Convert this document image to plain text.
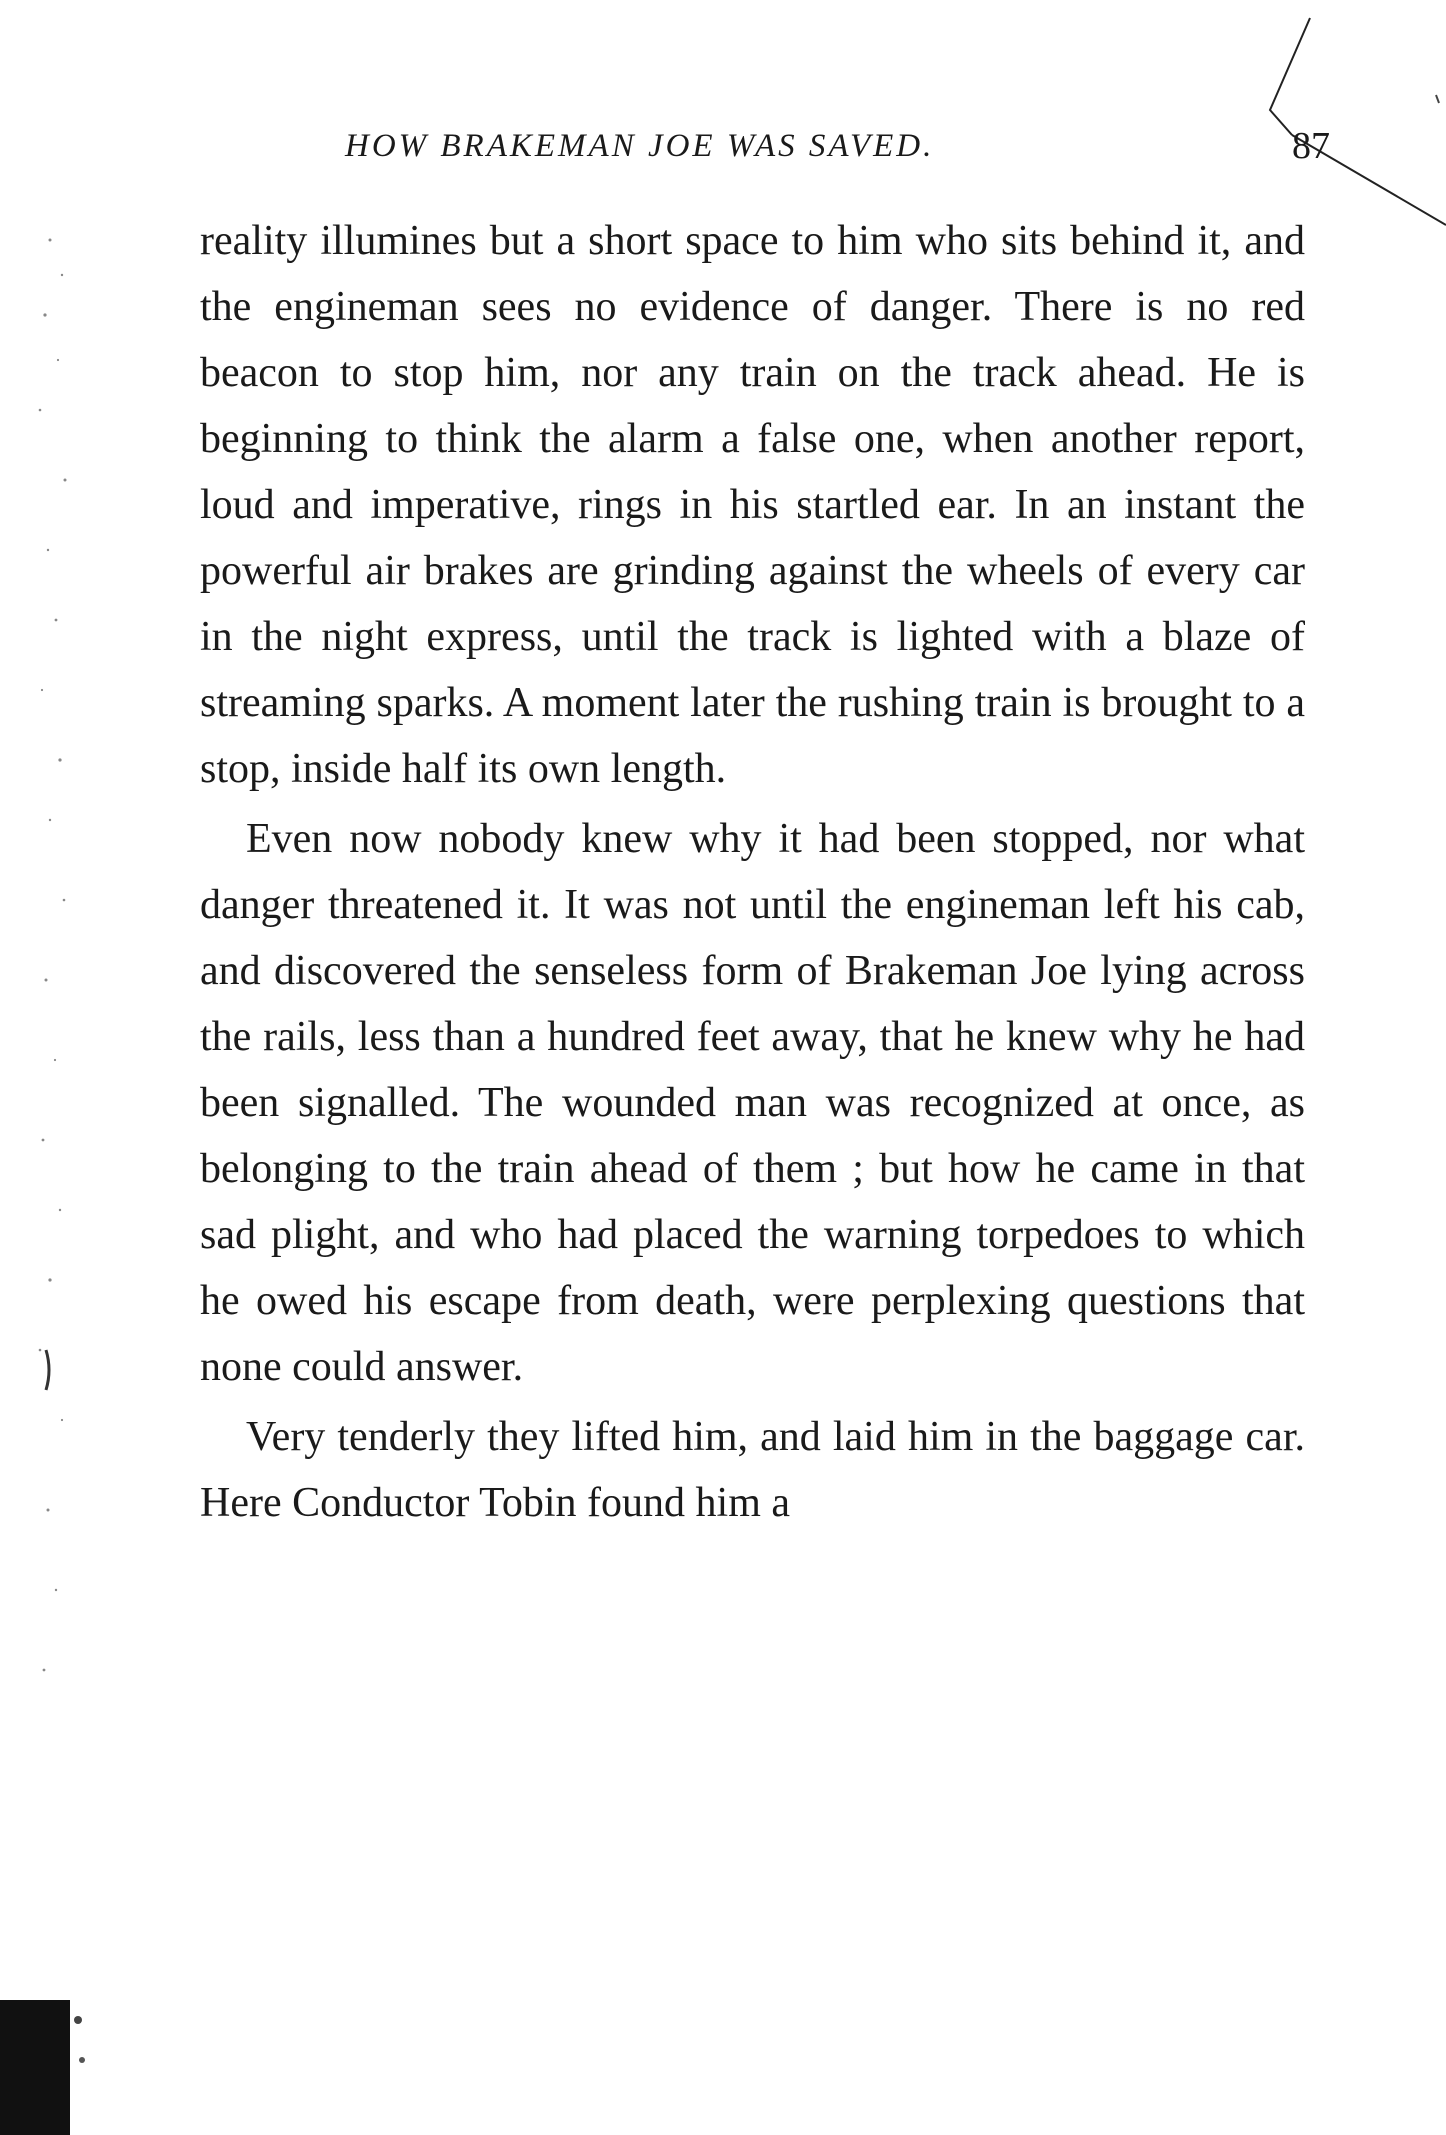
HOW BRAKEMAN JOE WAS SAVED.	87

reality illumines but a short space to him who sits behind it, and the engineman sees no evidence of danger. There is no red beacon to stop him, nor any train on the track ahead. He is beginning to think the alarm a false one, when another report, loud and imperative, rings in his startled ear. In an instant the powerful air brakes are grinding against the wheels of every car in the night express, until the track is lighted with a blaze of streaming sparks. A moment later the rushing train is brought to a stop, inside half its own length.

Even now nobody knew why it had been stopped, nor what danger threatened it. It was not until the engineman left his cab, and discovered the senseless form of Brakeman Joe lying across the rails, less than a hundred feet away, that he knew why he had been signalled. The wounded man was recognized at once, as belonging to the train ahead of them ; but how he came in that sad plight, and who had placed the warning torpedoes to which he owed his escape from death, were perplexing questions that none could answer.

Very tenderly they lifted him, and laid him in the baggage car. Here Conductor Tobin found him a
